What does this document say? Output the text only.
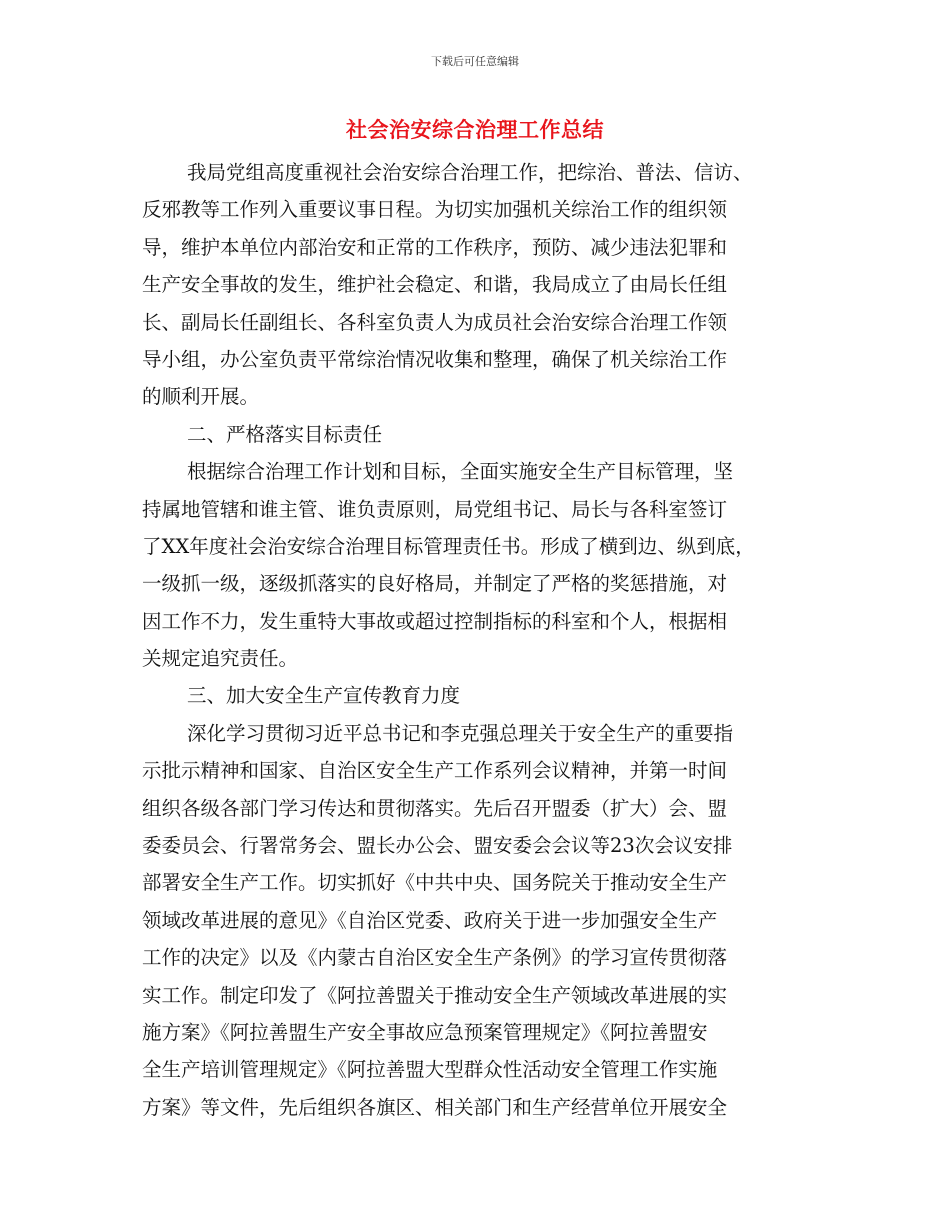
下载后可任意编辑
社会治安综合治理工作总结
我局党组高度重视社会治安综合治理工作，把综治、普法、信访、
反邪教等工作列入重要议事日程。为切实加强机关综治工作的组织领
导，维护本单位内部治安和正常的工作秩序，预防、减少违法犯罪和
生产安全事故的发生，维护社会稳定、和谐，我局成立了由局长任组
长、副局长任副组长、各科室负责人为成员社会治安综合治理工作领
导小组，办公室负责平常综治情况收集和整理，确保了机关综治工作
的顺利开展。
二、严格落实目标责任
根据综合治理工作计划和目标，全面实施安全生产目标管理，坚
持属地管辖和谁主管、谁负责原则，局党组书记、局长与各科室签订
了XX年度社会治安综合治理目标管理责任书。形成了横到边、纵到底，
一级抓一级，逐级抓落实的良好格局，并制定了严格的奖惩措施，对
因工作不力，发生重特大事故或超过控制指标的科室和个人，根据相
关规定追究责任。
三、加大安全生产宣传教育力度
深化学习贯彻习近平总书记和李克强总理关于安全生产的重要指
示批示精神和国家、自治区安全生产工作系列会议精神，并第一时间
组织各级各部门学习传达和贯彻落实。先后召开盟委（扩大）会、盟
委委员会、行署常务会、盟长办公会、盟安委会会议等23次会议安排
部署安全生产工作。切实抓好《中共中央、国务院关于推动安全生产
领域改革进展的意见》《自治区党委、政府关于进一步加强安全生产
工作的决定》以及《内蒙古自治区安全生产条例》的学习宣传贯彻落
实工作。制定印发了《阿拉善盟关于推动安全生产领域改革进展的实
施方案》《阿拉善盟生产安全事故应急预案管理规定》《阿拉善盟安
全生产培训管理规定》《阿拉善盟大型群众性活动安全管理工作实施
方案》等文件，先后组织各旗区、相关部门和生产经营单位开展安全
